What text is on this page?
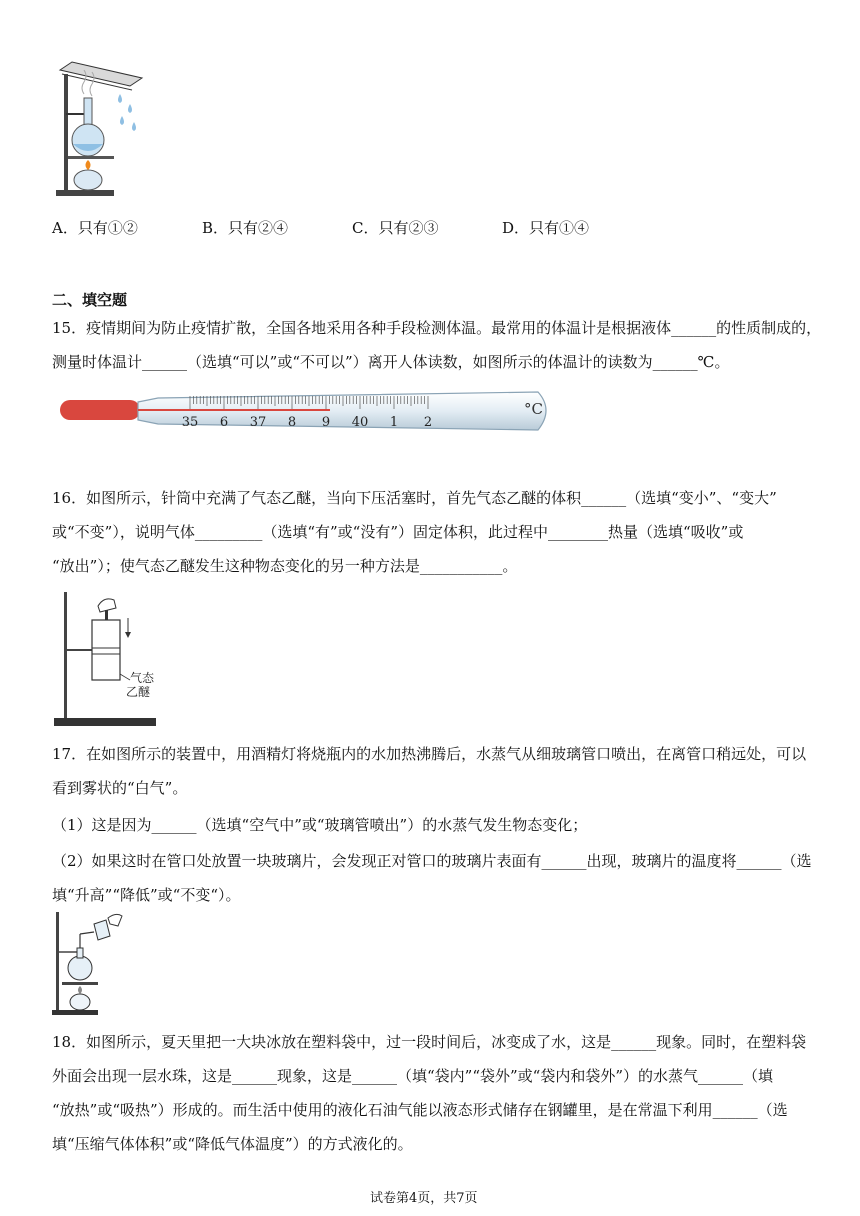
A．只有①②	B．只有②④	C．只有②③	D．只有①④
二、填空题
15．疫情期间为防止疫情扩散，全国各地采用各种手段检测体温。最常用的体温计是根据液体______的性质制成的，
测量时体温计______（选填“可以”或“不可以”）离开人体读数，如图所示的体温计的读数为______℃。
35 6 37 8 9 40 1 2
°C
16．如图所示，针筒中充满了气态乙醚，当向下压活塞时，首先气态乙醚的体积______（选填“变小”、“变大”
或“不变”），说明气体_________（选填“有”或“没有”）固定体积，此过程中________热量（选填“吸收”或
“放出”）；使气态乙醚发生这种物态变化的另一种方法是___________。
气态
乙醚
17．在如图所示的装置中，用酒精灯将烧瓶内的水加热沸腾后，水蒸气从细玻璃管口喷出，在离管口稍远处，可以
看到雾状的“白气”。
（1）这是因为______（选填“空气中”或“玻璃管喷出”）的水蒸气发生物态变化；
（2）如果这时在管口处放置一块玻璃片，会发现正对管口的玻璃片表面有______出现，玻璃片的温度将______（选
填“升高”“降低”或“不变“）。
18．如图所示，夏天里把一大块冰放在塑料袋中，过一段时间后，冰变成了水，这是______现象。同时，在塑料袋
外面会出现一层水珠，这是______现象，这是______（填“袋内”“袋外”或“袋内和袋外”）的水蒸气______（填
“放热”或“吸热”）形成的。而生活中使用的液化石油气能以液态形式储存在钢罐里，是在常温下利用______（选
填“压缩气体体积”或“降低气体温度”）的方式液化的。
试卷第4页，共7页
